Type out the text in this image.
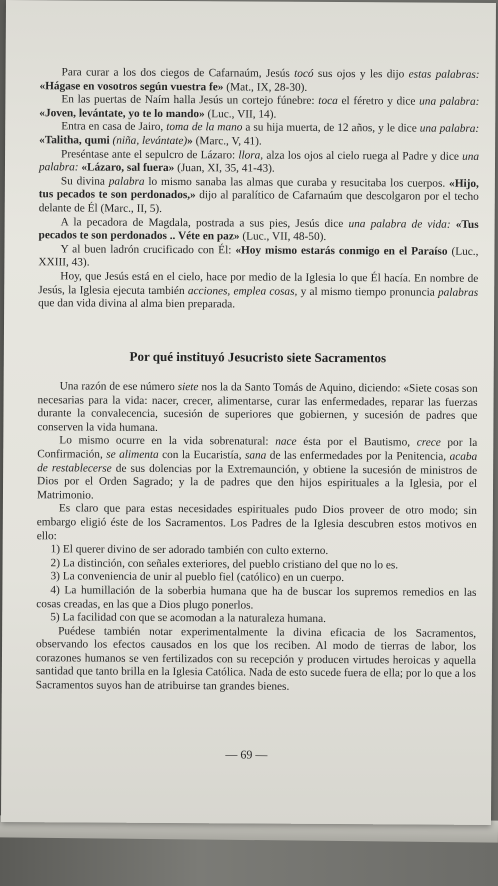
Para curar a los dos ciegos de Cafarnaúm, Jesús tocó sus ojos y les dijo estas palabras: «Hágase en vosotros según vuestra fe» (Mat., IX, 28-30).

En las puertas de Naím halla Jesús un cortejo fúnebre: toca el féretro y dice una palabra: «Joven, levántate, yo te lo mando» (Luc., VII, 14).

Entra en casa de Jairo, toma de la mano a su hija muerta, de 12 años, y le dice una palabra: «Talitha, qumi (niña, levántate)» (Marc., V, 41).

Preséntase ante el sepulcro de Lázaro: llora, alza los ojos al cielo ruega al Padre y dice una palabra: «Lázaro, sal fuera» (Juan, XI, 35, 41-43).

Su divina palabra lo mismo sanaba las almas que curaba y resucitaba los cuerpos. «Hijo, tus pecados te son perdonados,» dijo al paralítico de Cafarnaúm que descolgaron por el techo delante de Él (Marc., II, 5).

A la pecadora de Magdala, postrada a sus pies, Jesús dice una palabra de vida: «Tus pecados te son perdonados .. Véte en paz» (Luc., VII, 48-50).

Y al buen ladrón crucificado con Él: «Hoy mismo estarás conmigo en el Paraíso (Luc., XXIII, 43).

Hoy, que Jesús está en el cielo, hace por medio de la Iglesia lo que Él hacía. En nombre de Jesús, la Iglesia ejecuta también acciones, emplea cosas, y al mismo tiempo pronuncia palabras que dan vida divina al alma bien preparada.

Por qué instituyó Jesucristo siete Sacramentos

Una razón de ese número siete nos la da Santo Tomás de Aquino, diciendo: «Siete cosas son necesarias para la vida: nacer, crecer, alimentarse, curar las enfermedades, reparar las fuerzas durante la convalecencia, sucesión de superiores que gobiernen, y sucesión de padres que conserven la vida humana.

Lo mismo ocurre en la vida sobrenatural: nace ésta por el Bautismo, crece por la Confirmación, se alimenta con la Eucaristía, sana de las enfermedades por la Penitencia, acaba de restablecerse de sus dolencias por la Extremaunción, y obtiene la sucesión de ministros de Dios por el Orden Sagrado; y la de padres que den hijos espirituales a la Iglesia, por el Matrimonio.

Es claro que para estas necesidades espirituales pudo Dios proveer de otro modo; sin embargo eligió éste de los Sacramentos. Los Padres de la Iglesia descubren estos motivos en ello:

1) El querer divino de ser adorado también con culto externo.

2) La distinción, con señales exteriores, del pueblo cristiano del que no lo es.

3) La conveniencia de unir al pueblo fiel (católico) en un cuerpo.

4) La humillación de la soberbia humana que ha de buscar los supremos remedios en las cosas creadas, en las que a Dios plugo ponerlos.

5) La facilidad con que se acomodan a la naturaleza humana.

Puédese también notar experimentalmente la divina eficacia de los Sacramentos, observando los efectos causados en los que los reciben. Al modo de tierras de labor, los corazones humanos se ven fertilizados con su recepción y producen virtudes heroicas y aquella santidad que tanto brilla en la Iglesia Católica. Nada de esto sucede fuera de ella; por lo que a los Sacramentos suyos han de atribuirse tan grandes bienes.

— 69 —
